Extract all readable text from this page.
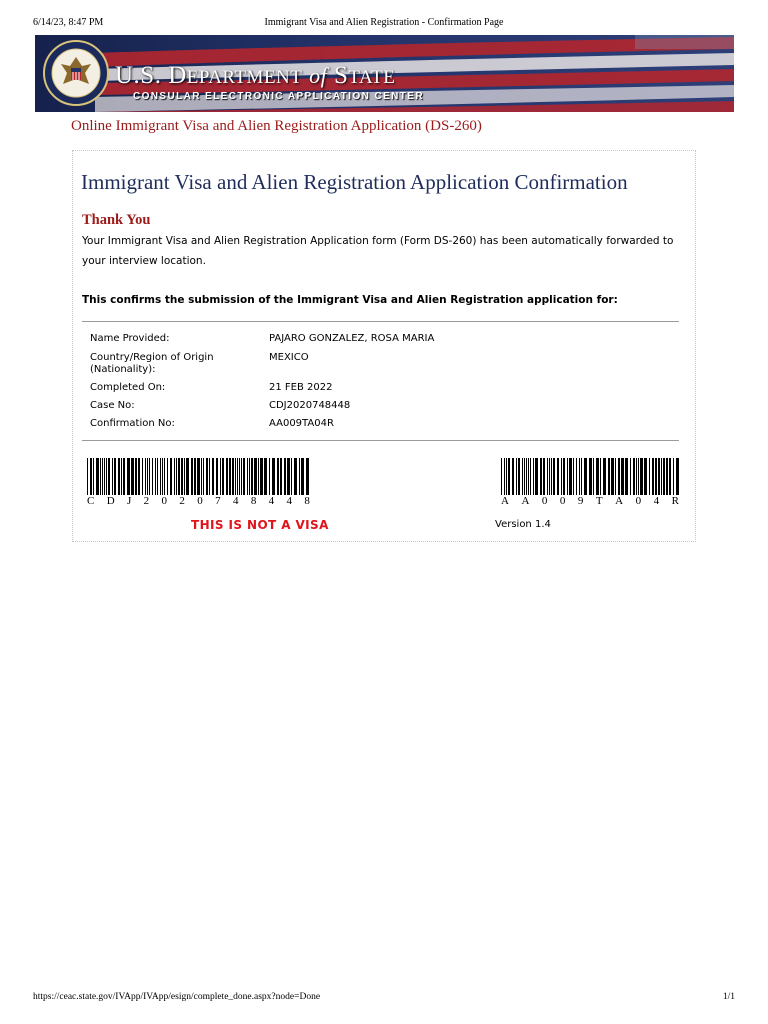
6/14/23, 8:47 PM	Immigrant Visa and Alien Registration - Confirmation Page
U.S. DEPARTMENT of STATE
CONSULAR ELECTRONIC APPLICATION CENTER
Online Immigrant Visa and Alien Registration Application (DS-260)
Immigrant Visa and Alien Registration Application Confirmation
Thank You
Your Immigrant Visa and Alien Registration Application form (Form DS-260) has been automatically forwarded to your interview location.
This confirms the submission of the Immigrant Visa and Alien Registration application for:
Name Provided:	PAJARO GONZALEZ, ROSA MARIA
Country/Region of Origin (Nationality):
MEXICO
Completed On:	21 FEB 2022
Case No:	CDJ2020748448
Confirmation No:	AA009TA04R
C D J 2 0 2 0 7 4 8 4 4 8	A A 0 0 9 T A 0 4 R
THIS IS NOT A VISA	Version 1.4
https://ceac.state.gov/IVApp/IVApp/esign/complete_done.aspx?node=Done	1/1
